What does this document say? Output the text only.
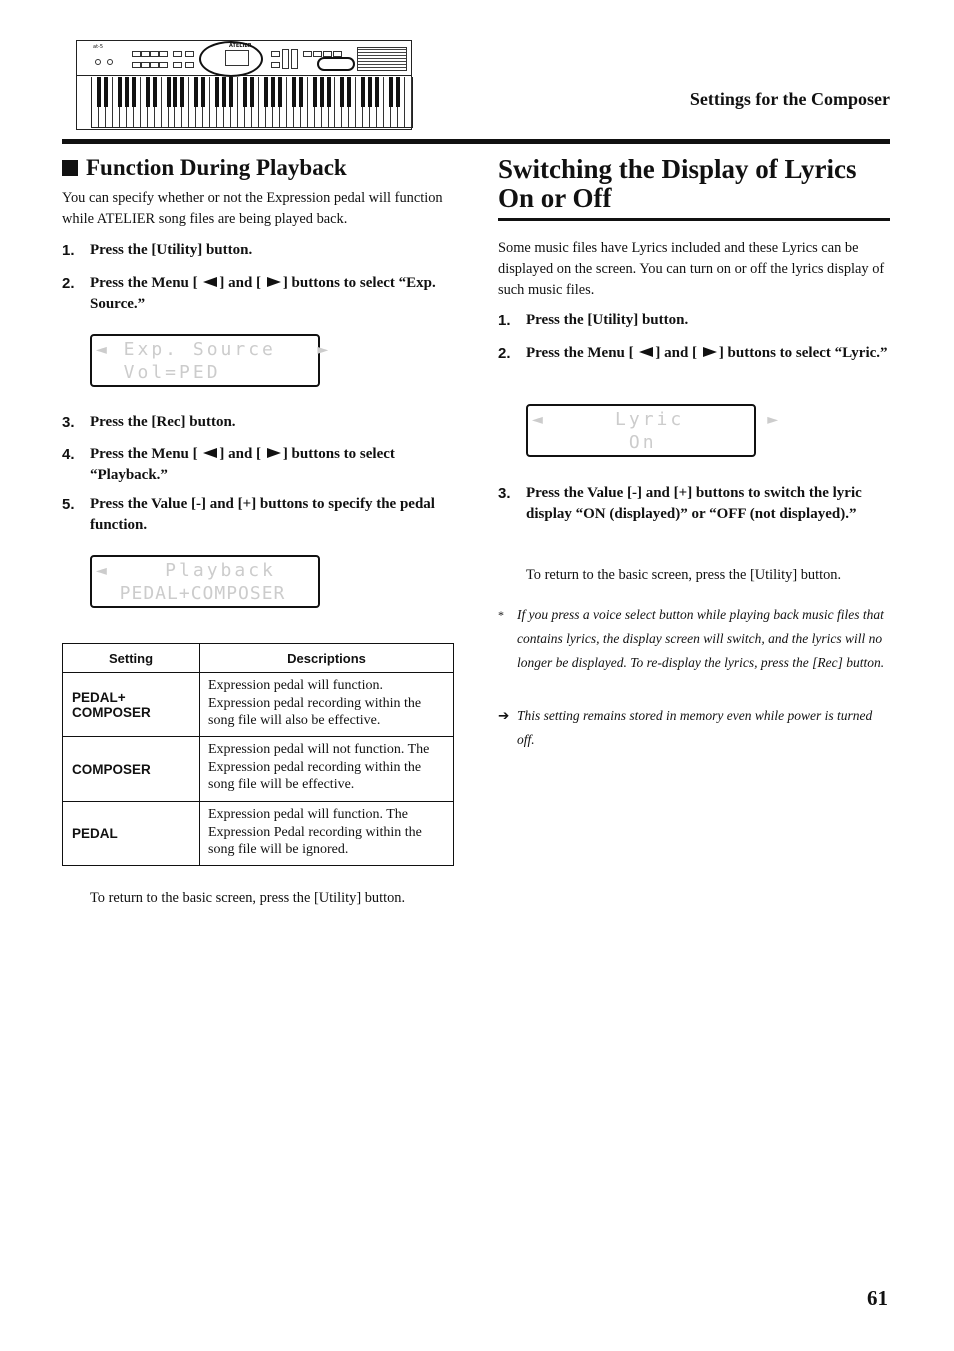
at-5	ATELIER
Settings for the Composer
Function During Playback

You can specify whether or not the Expression pedal will function while ATELIER song files are being played back.

1.	Press the [Utility] button.
2.	Press the Menu [ ] and [ ] buttons to select “Exp. Source.”
◄ Exp. Source   ►
Vol=PED
3.	Press the [Rec] button.
4.	Press the Menu [ ] and [ ] buttons to select “Playback.”
5.	Press the Value [-] and [+] buttons to specify the pedal function.
◄    Playback
PEDAL+COMPOSER
Setting	Descriptions
PEDAL+ COMPOSER	Expression pedal will function. Expression pedal recording within the song file will also be effective.
COMPOSER	Expression pedal will not function. The Expression pedal recording within the song file will be effective.
PEDAL	Expression pedal will function. The Expression Pedal recording within the song file will be ignored.

To return to the basic screen, press the [Utility] button.

Switching the Display of Lyrics On or Off

Some music files have Lyrics included and these Lyrics can be displayed on the screen. You can turn on or off the lyrics display of such music files.

1.	Press the [Utility] button.
2.	Press the Menu [ ] and [ ] buttons to select “Lyric.”
◄     Lyric      ►
On
3.	Press the Value [-] and [+] buttons to switch the lyric display “ON (displayed)” or “OFF (not displayed).”

To return to the basic screen, press the [Utility] button.

* If you press a voice select button while playing back music files that contains lyrics, the display screen will switch, and the lyrics will no longer be displayed. To re-display the lyrics, press the [Rec] button.
➔ This setting remains stored in memory even while power is turned off.
61
